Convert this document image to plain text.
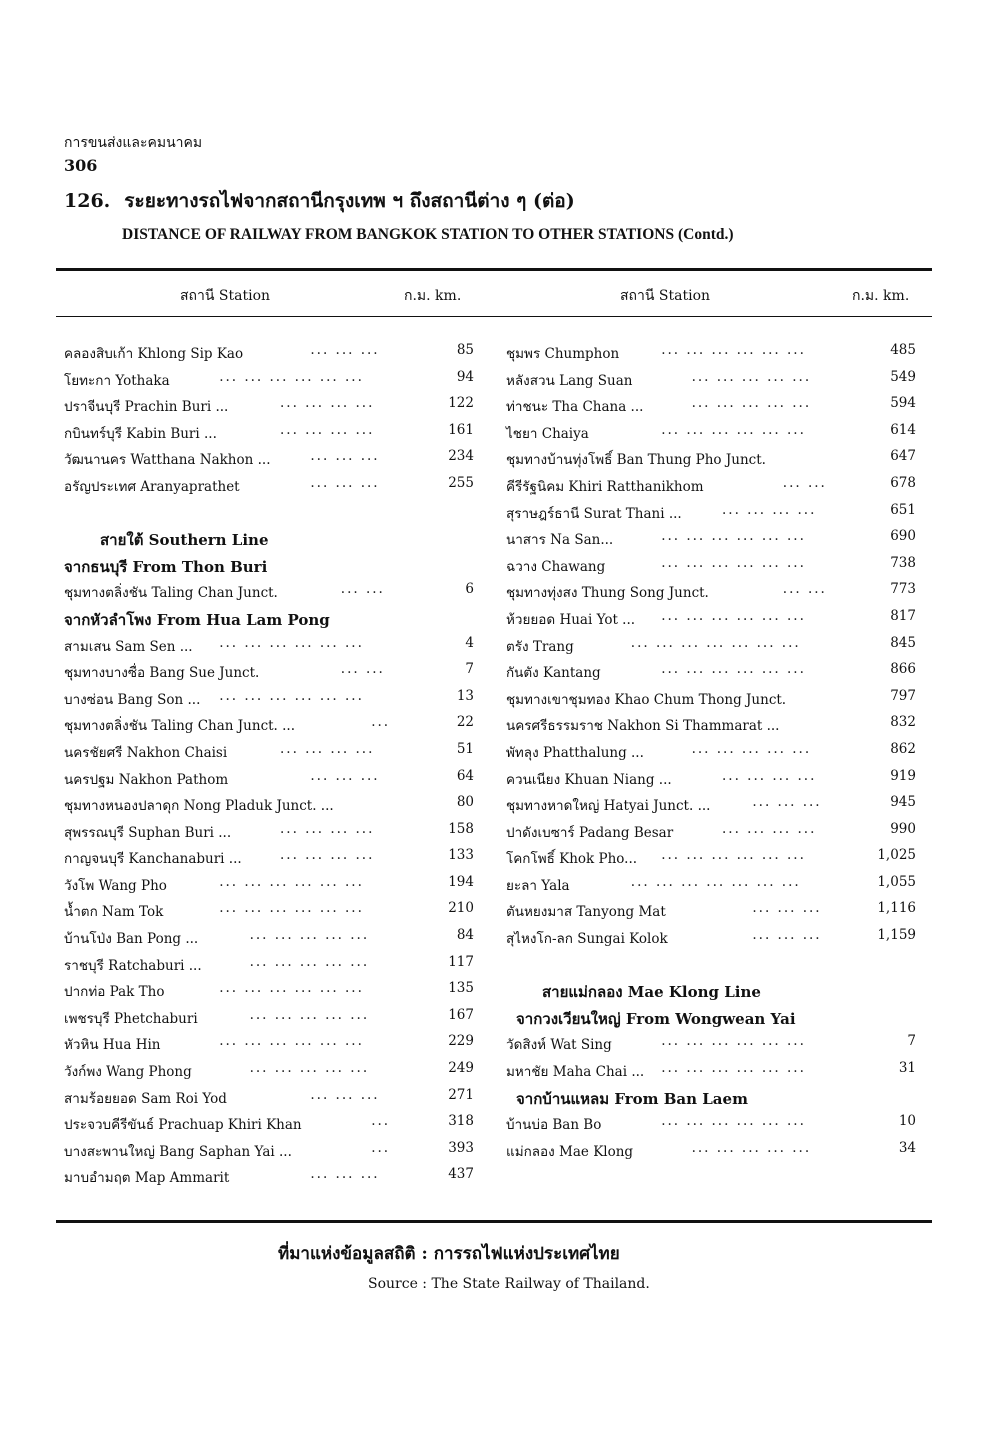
การขนส่งและคมนาคม
306
126. ระยะทางรถไฟจากสถานีกรุงเทพ ฯ ถึงสถานีต่าง ๆ (ต่อ)
DISTANCE OF RAILWAY FROM BANGKOK STATION TO OTHER STATIONS (Contd.)
สถานี Station	ก.ม. km.	สถานี Station	ก.ม. km.
คลองสิบเก้า Khlong Sip Kao	... ... ...	85
โยทะกา Yothaka	... ... ... ... ... ...	94
ปราจีนบุรี Prachin Buri ...	... ... ... ...	122
กบินทร์บุรี Kabin Buri ...	... ... ... ...	161
วัฒนานคร Watthana Nakhon ...	... ... ...	234
อรัญประเทศ Aranyaprathet	... ... ...	255
สายใต้ Southern Line
จากธนบุรี From Thon Buri
ชุมทางตลิ่งชัน Taling Chan Junct.	... ...	6
จากหัวลำโพง From Hua Lam Pong
สามเสน Sam Sen ... ... ... ... ... ... ...	4
ชุมทางบางซื่อ Bang Sue Junct.	... ...	7
บางซ่อน Bang Son ... ... ... ... ... ... ...	13
ชุมทางตลิ่งชัน Taling Chan Junct. ...	...	22
นครชัยศรี Nakhon Chaisi	... ... ... ...	51
นครปฐม Nakhon Pathom	... ... ...	64
ชุมทางหนองปลาดุก Nong Pladuk Junct. ...	80
สุพรรณบุรี Suphan Buri ...	... ... ... ...	158
กาญจนบุรี Kanchanaburi ...	... ... ... ...	133
วังโพ Wang Pho	... ... ... ... ... ...	194
น้ำตก Nam Tok	... ... ... ... ... ...	210
บ้านโป่ง Ban Pong ...	... ... ... ... ...	84
ราชบุรี Ratchaburi ...	... ... ... ... ...	117
ปากท่อ Pak Tho	... ... ... ... ... ...	135
เพชรบุรี Phetchaburi	... ... ... ... ...	167
หัวหิน Hua Hin	... ... ... ... ... ...	229
วังก์พง Wang Phong	... ... ... ... ...	249
สามร้อยยอด Sam Roi Yod	... ... ...	271
ประจวบคีรีขันธ์ Prachuap Khiri Khan	...	318
บางสะพานใหญ่ Bang Saphan Yai ...	...	393
มาบอำมฤต Map Ammarit	... ... ...	437
ชุมพร Chumphon	... ... ... ... ... ...	485
หลังสวน Lang Suan	... ... ... ... ...	549
ท่าชนะ Tha Chana ...	... ... ... ... ...	594
ไชยา Chaiya	... ... ... ... ... ...	614
ชุมทางบ้านทุ่งโพธิ์ Ban Thung Pho Junct.	647
คีรีรัฐนิคม Khiri Ratthanikhom	... ...	678
สุราษฎร์ธานี Surat Thani ...	... ... ... ...	651
นาสาร Na San...	... ... ... ... ... ...	690
ฉวาง Chawang	... ... ... ... ... ...	738
ชุมทางทุ่งสง Thung Song Junct.	... ...	773
ห้วยยอด Huai Yot ... ... ... ... ... ... ...	817
ตรัง Trang	... ... ... ... ... ... ...	845
กันตัง Kantang	... ... ... ... ... ...	866
ชุมทางเขาชุมทอง Khao Chum Thong Junct.	797
นครศรีธรรมราช Nakhon Si Thammarat ...	832
พัทลุง Phatthalung ...	... ... ... ... ...	862
ควนเนียง Khuan Niang ...	... ... ... ...	919
ชุมทางหาดใหญ่ Hatyai Junct. ...	... ... ...	945
ปาดังเบซาร์ Padang Besar	... ... ... ...	990
โคกโพธิ์ Khok Pho... ... ... ... ... ... ...	1,025
ยะลา Yala	... ... ... ... ... ... ...	1,055
ตันหยงมาส Tanyong Mat	... ... ...	1,116
สุไหงโก-ลก Sungai Kolok	... ... ...	1,159
สายแม่กลอง Mae Klong Line
จากวงเวียนใหญ่ From Wongwean Yai
วัดสิงห์ Wat Sing	... ... ... ... ... ...	7
มหาชัย Maha Chai ... ... ... ... ... ... ...	31
จากบ้านแหลม From Ban Laem
บ้านบ่อ Ban Bo	... ... ... ... ... ...	10
แม่กลอง Mae Klong	... ... ... ... ...	34
ที่มาแห่งข้อมูลสถิติ : การรถไฟแห่งประเทศไทย
Source : The State Railway of Thailand.
